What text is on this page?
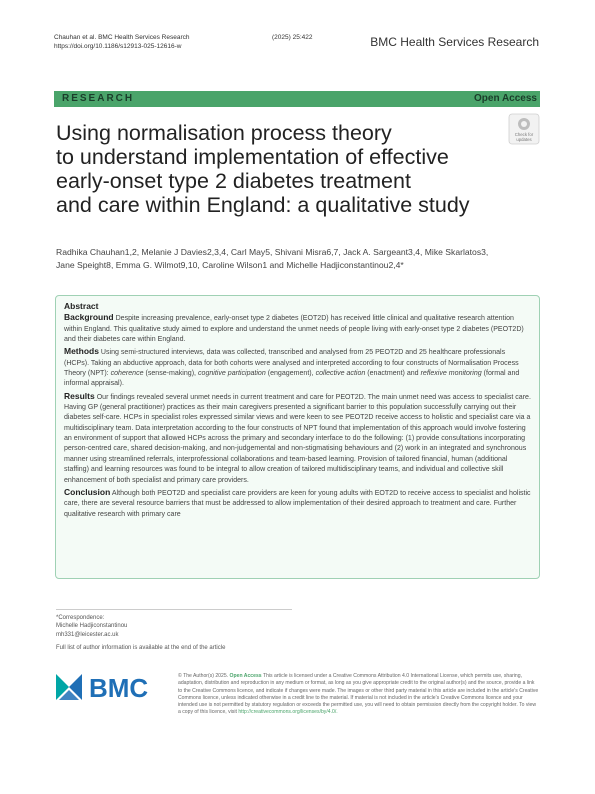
Chauhan et al. BMC Health Services Research	(2025) 25:422
https://doi.org/10.1186/s12913-025-12616-w	BMC Health Services Research
RESEARCH	Open Access
Using normalisation process theory
to understand implementation of effective
early-onset type 2 diabetes treatment
and care within England: a qualitative study
Check for
updates
Radhika Chauhan1,2, Melanie J Davies2,3,4, Carl May5, Shivani Misra6,7, Jack A. Sargeant3,4, Mike Skarlatos3,
Jane Speight8, Emma G. Wilmot9,10, Caroline Wilson1 and Michelle Hadjiconstantinou2,4*
Abstract

Background Despite increasing prevalence, early-onset type 2 diabetes (EOT2D) has received little clinical and qualitative research attention within England. This qualitative study aimed to explore and understand the unmet needs of people living with early-onset type 2 diabetes (PEOT2D) and their diabetes care within England.

Methods Using semi-structured interviews, data was collected, transcribed and analysed from 25 PEOT2D and 25 healthcare professionals (HCPs). Taking an abductive approach, data for both cohorts were analysed and interpreted according to four constructs of Normalisation Process Theory (NPT): coherence (sense-making), cognitive participation (engagement), collective action (enactment) and reflexive monitoring (formal and informal appraisal).

Results Our findings revealed several unmet needs in current treatment and care for PEOT2D. The main unmet need was access to specialist care. Having GP (general practitioner) practices as their main caregivers presented a significant barrier to this population successfully carrying out their diabetes self-care. HCPs in specialist roles expressed similar views and were keen to see PEOT2D receive access to holistic and specialist care via a multidisciplinary team. Data interpretation according to the four constructs of NPT found that implementation of this approach would involve fostering an environment of support that allowed HCPs across the primary and secondary interface to do the following: (1) provide consultations incorporating person-centred care, shared decision-making, and non-judgemental and non-stigmatising behaviours and (2) work in an integrated and synchronous manner using streamlined referrals, interprofessional collaborations and team-based learning. Provision of tailored financial, human (additional staffing) and learning resources was found to be integral to allow creation of tailored multidisciplinary teams, and individual and collective skill enhancement of both specialist and primary care providers.

Conclusion Although both PEOT2D and specialist care providers are keen for young adults with EOT2D to receive access to specialist and holistic care, there are several resource barriers that must be addressed to allow implementation of their desired approach to treatment and care. Further qualitative research with primary care

*Correspondence:
Michelle Hadjiconstantinou
mh331@leicester.ac.uk
Full list of author information is available at the end of the article
BMC	© The Author(s) 2025. Open Access This article is licensed under a Creative Commons Attribution 4.0 International License, which permits use, sharing, adaptation, distribution and reproduction in any medium or format, as long as you give appropriate credit to the original author(s) and the source, provide a link to the Creative Commons licence, and indicate if changes were made. The images or other third party material in this article are included in the article's Creative Commons licence, unless indicated otherwise in a credit line to the material. If material is not included in the article's Creative Commons licence and your intended use is not permitted by statutory regulation or exceeds the permitted use, you will need to obtain permission directly from the copyright holder. To view a copy of this licence, visit http://creativecommons.org/licenses/by/4.0/.
